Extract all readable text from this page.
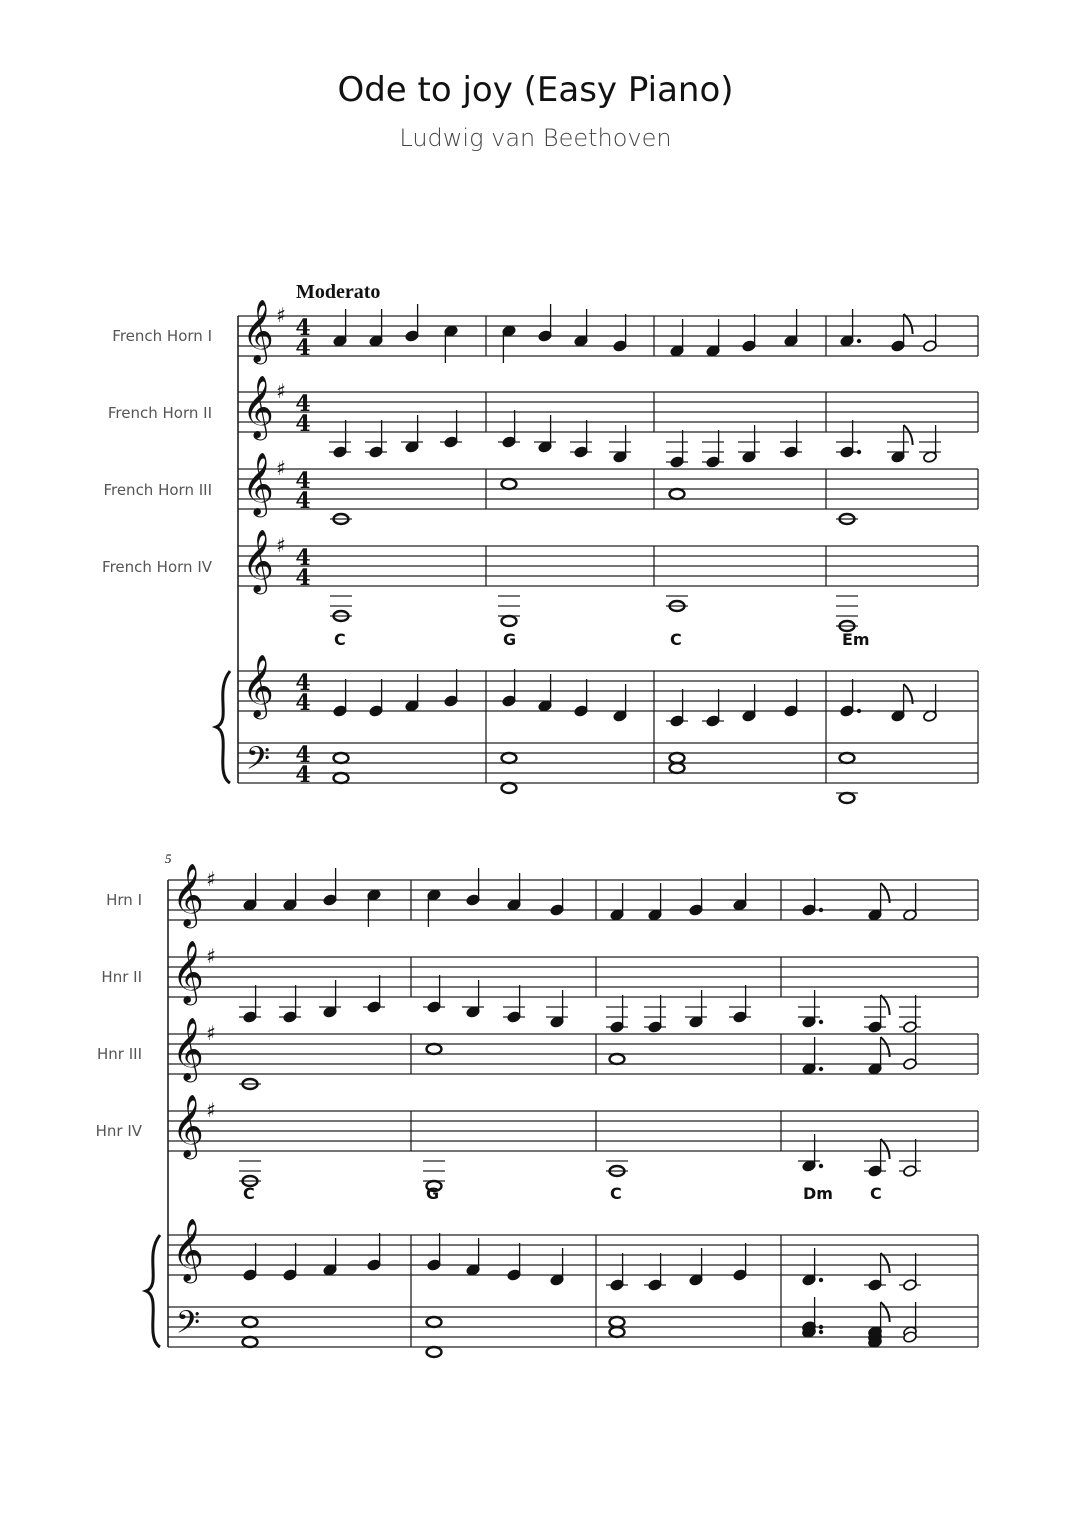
Ode to joy (Easy Piano)
Ludwig van Beethoven
Moderato
5
French Horn I
French Horn II
French Horn III
French Horn IV
Hrn I
Hnr II
Hnr III
Hnr IV
C	G	C	Em
C	G	C	Dm C
𝄞 ♯ 4
4
𝄞 ♯ 4
4
𝄞 ♯ 4
4
𝄞 ♯ 4
4
𝄞 4
4
𝄢 4
4
𝄞 ♯
𝄞 ♯
𝄞 ♯
𝄞 ♯
𝄞
𝄢
